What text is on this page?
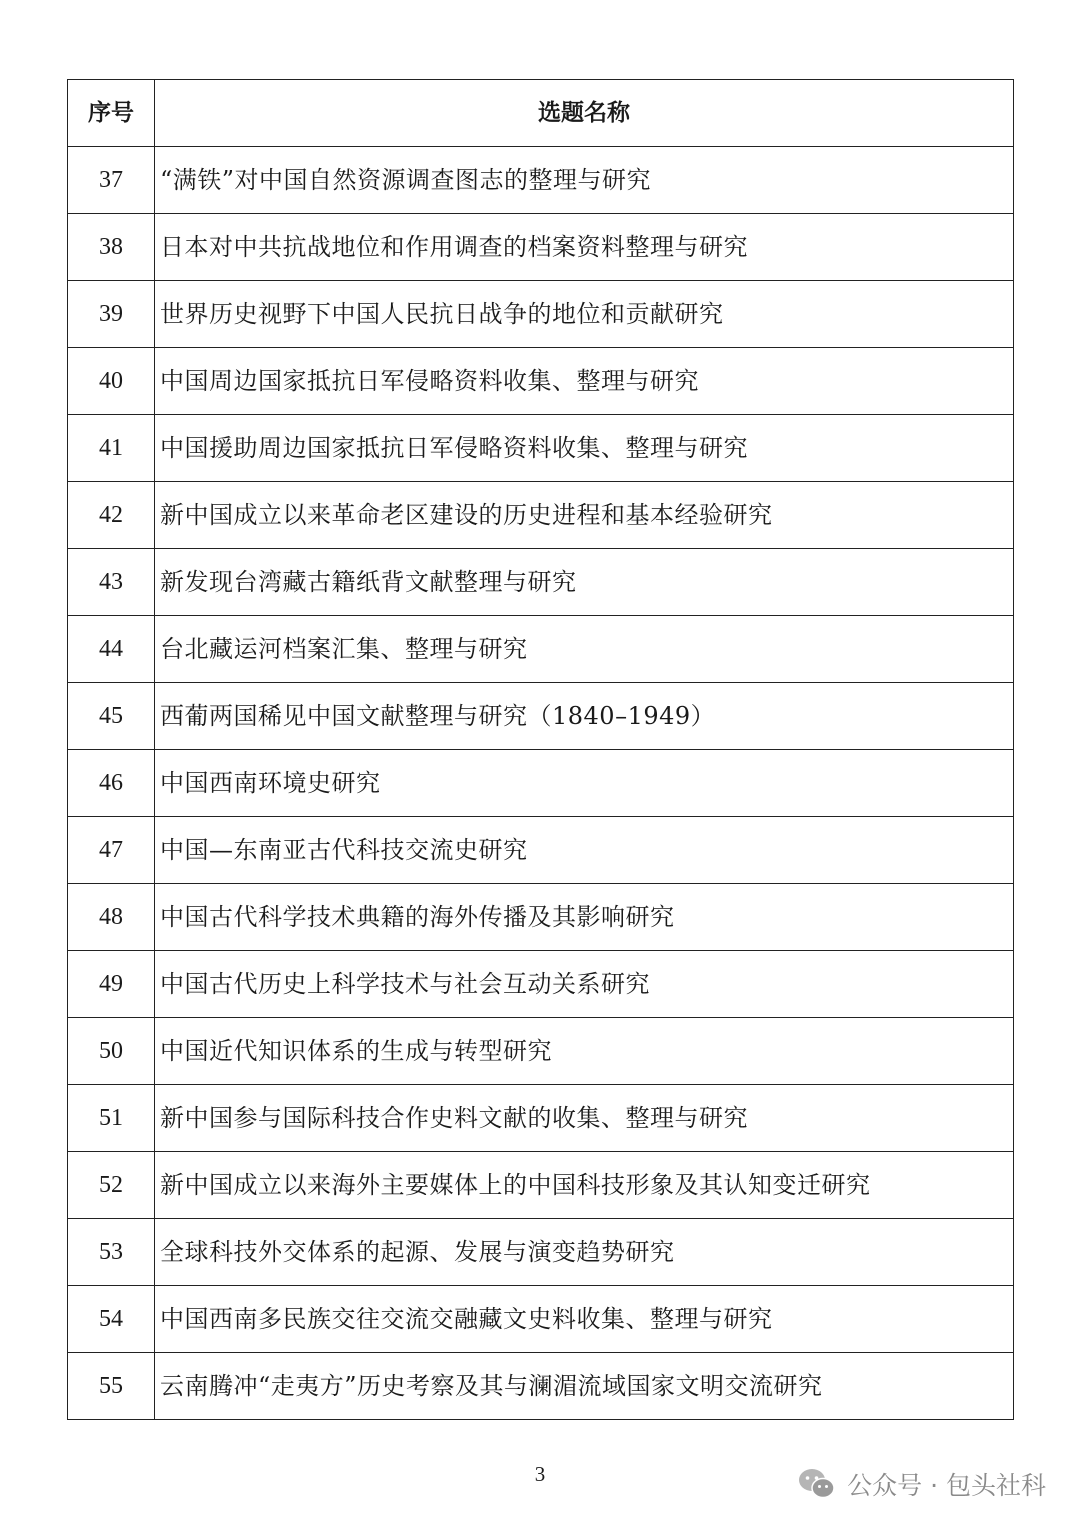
序号	选题名称
37	“满铁”对中国自然资源调查图志的整理与研究
38	日本对中共抗战地位和作用调查的档案资料整理与研究
39	世界历史视野下中国人民抗日战争的地位和贡献研究
40	中国周边国家抵抗日军侵略资料收集、整理与研究
41	中国援助周边国家抵抗日军侵略资料收集、整理与研究
42	新中国成立以来革命老区建设的历史进程和基本经验研究
43	新发现台湾藏古籍纸背文献整理与研究
44	台北藏运河档案汇集、整理与研究
45	西葡两国稀见中国文献整理与研究（1840–1949）
46	中国西南环境史研究
47	中国—东南亚古代科技交流史研究
48	中国古代科学技术典籍的海外传播及其影响研究
49	中国古代历史上科学技术与社会互动关系研究
50	中国近代知识体系的生成与转型研究
51	新中国参与国际科技合作史料文献的收集、整理与研究
52	新中国成立以来海外主要媒体上的中国科技形象及其认知变迁研究
53	全球科技外交体系的起源、发展与演变趋势研究
54	中国西南多民族交往交流交融藏文史料收集、整理与研究
55	云南腾冲“走夷方”历史考察及其与澜湄流域国家文明交流研究
3	公众号 · 包头社科
